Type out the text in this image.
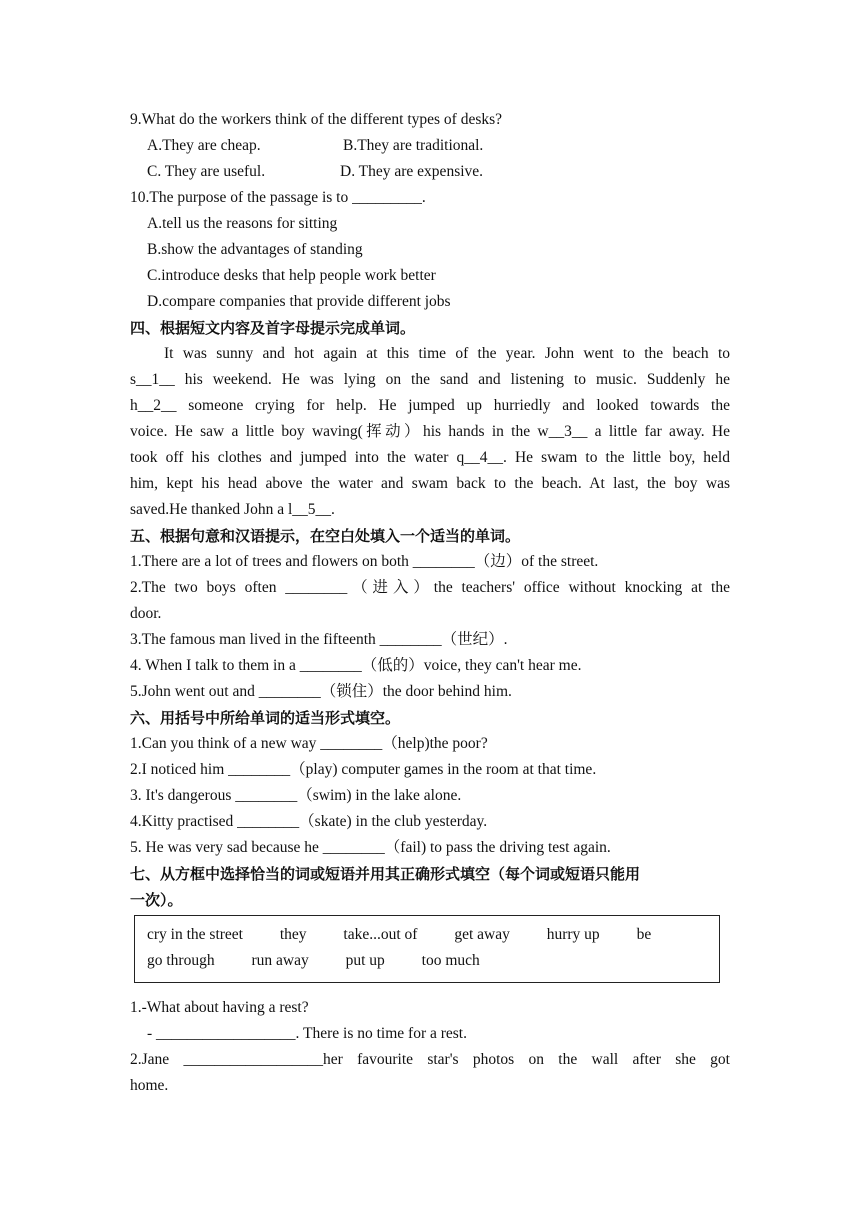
9.What do the workers think of the different types of desks?
A.They are cheap.	B.They are traditional.
C. They are useful.	D. They are expensive.
10.The purpose of the passage is to _________.
A.tell us the reasons for sitting
B.show the advantages of standing
C.introduce desks that help people work better
D.compare companies that provide different jobs
四、根据短文内容及首字母提示完成单词。
It was sunny and hot again at this time of the year. John went to the beach to
s__1__ his weekend. He was lying on the sand and listening to music. Suddenly he
h__2__ someone crying for help. He jumped up hurriedly and looked towards the
voice. He saw a little boy waving(挥动）his hands in the w__3__ a little far away. He
took off his clothes and jumped into the water q__4__. He swam to the little boy, held
him, kept his head above the water and swam back to the beach. At last, the boy was
saved.He thanked John a l__5__.
五、根据句意和汉语提示，在空白处填入一个适当的单词。
1.There are a lot of trees and flowers on both ________（边）of the street.
2.The two boys often ________（进入）the teachers' office without knocking at the
door.
3.The famous man lived in the fifteenth ________（世纪）.
4. When I talk to them in a ________（低的）voice, they can't hear me.
5.John went out and ________（锁住）the door behind him.
六、用括号中所给单词的适当形式填空。
1.Can you think of a new way ________（help)the poor?
2.I noticed him ________（play) computer games in the room at that time.
3. It's dangerous ________（swim) in the lake alone.
4.Kitty practised ________（skate) in the club yesterday.
5. He was very sad because he ________（fail) to pass the driving test again.
七、从方框中选择恰当的词或短语并用其正确形式填空（每个词或短语只能用
一次）。
cry in the street they take...out of get away hurry up be
go through run away put up too much
1.-What about having a rest?
- __________________. There is no time for a rest.
2.Jane __________________her favourite star's photos on the wall after she got
home.
